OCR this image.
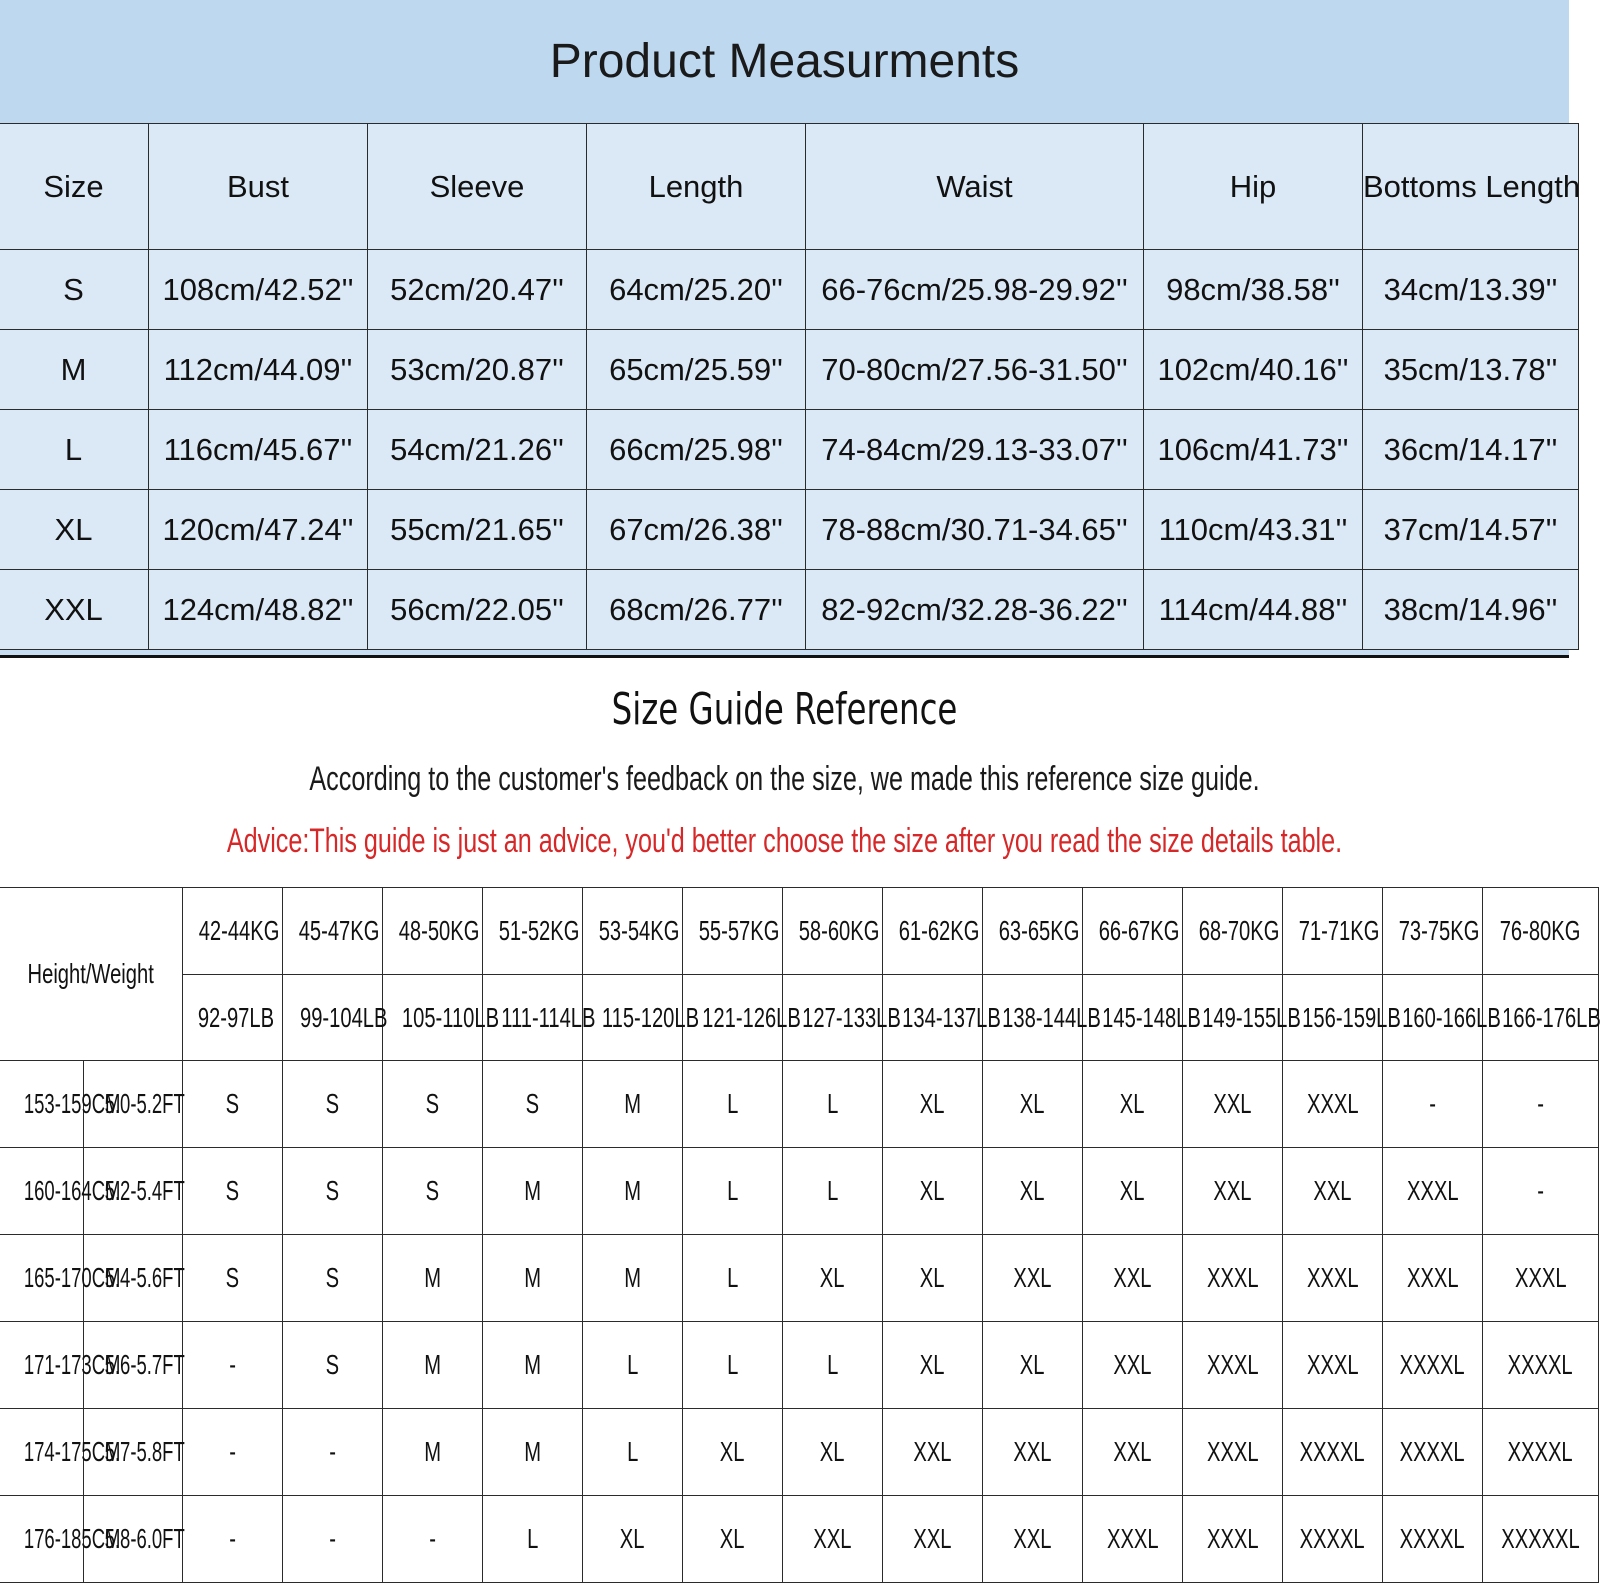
Product Measurments
Size	Bust	Sleeve	Length	Waist	Hip	Bottoms Length
S	108cm/42.52''	52cm/20.47''	64cm/25.20''	66-76cm/25.98-29.92''	98cm/38.58''	34cm/13.39''
M	112cm/44.09''	53cm/20.87''	65cm/25.59''	70-80cm/27.56-31.50''	102cm/40.16''	35cm/13.78''
L	116cm/45.67''	54cm/21.26''	66cm/25.98''	74-84cm/29.13-33.07''	106cm/41.73''	36cm/14.17''
XL	120cm/47.24''	55cm/21.65''	67cm/26.38''	78-88cm/30.71-34.65''	110cm/43.31''	37cm/14.57''
XXL	124cm/48.82''	56cm/22.05''	68cm/26.77''	82-92cm/32.28-36.22''	114cm/44.88''	38cm/14.96''
Size Guide Reference
According to the customer's feedback on the size, we made this reference size guide.
Advice:This guide is just an advice, you'd better choose the size after you read the size details table.
Height/Weight		42-44KG	45-47KG	48-50KG	51-52KG	53-54KG	55-57KG	58-60KG	61-62KG	63-65KG	66-67KG	68-70KG	71-71KG	73-75KG	76-80KG
		92-97LB	99-104LB	105-110LB	111-114LB	115-120LB	121-126LB	127-133LB	134-137LB	138-144LB	145-148LB	149-155LB	156-159LB	160-166LB	166-176LB
153-159CM	5.0-5.2FT	S	S	S	S	M	L	L	XL	XL	XL	XXL	XXXL	-	-
160-164CM	5.2-5.4FT	S	S	S	M	M	L	L	XL	XL	XL	XXL	XXL	XXXL	-
165-170CM	5.4-5.6FT	S	S	M	M	M	L	XL	XL	XXL	XXL	XXXL	XXXL	XXXL	XXXL
171-173CM	5.6-5.7FT	-	S	M	M	L	L	L	XL	XL	XXL	XXXL	XXXL	XXXXL	XXXXL
174-175CM	5.7-5.8FT	-	-	M	M	L	XL	XL	XXL	XXL	XXL	XXXL	XXXXL	XXXXL	XXXXL
176-185CM	5.8-6.0FT	-	-	-	L	XL	XL	XXL	XXL	XXL	XXXL	XXXL	XXXXL	XXXXL	XXXXXL
